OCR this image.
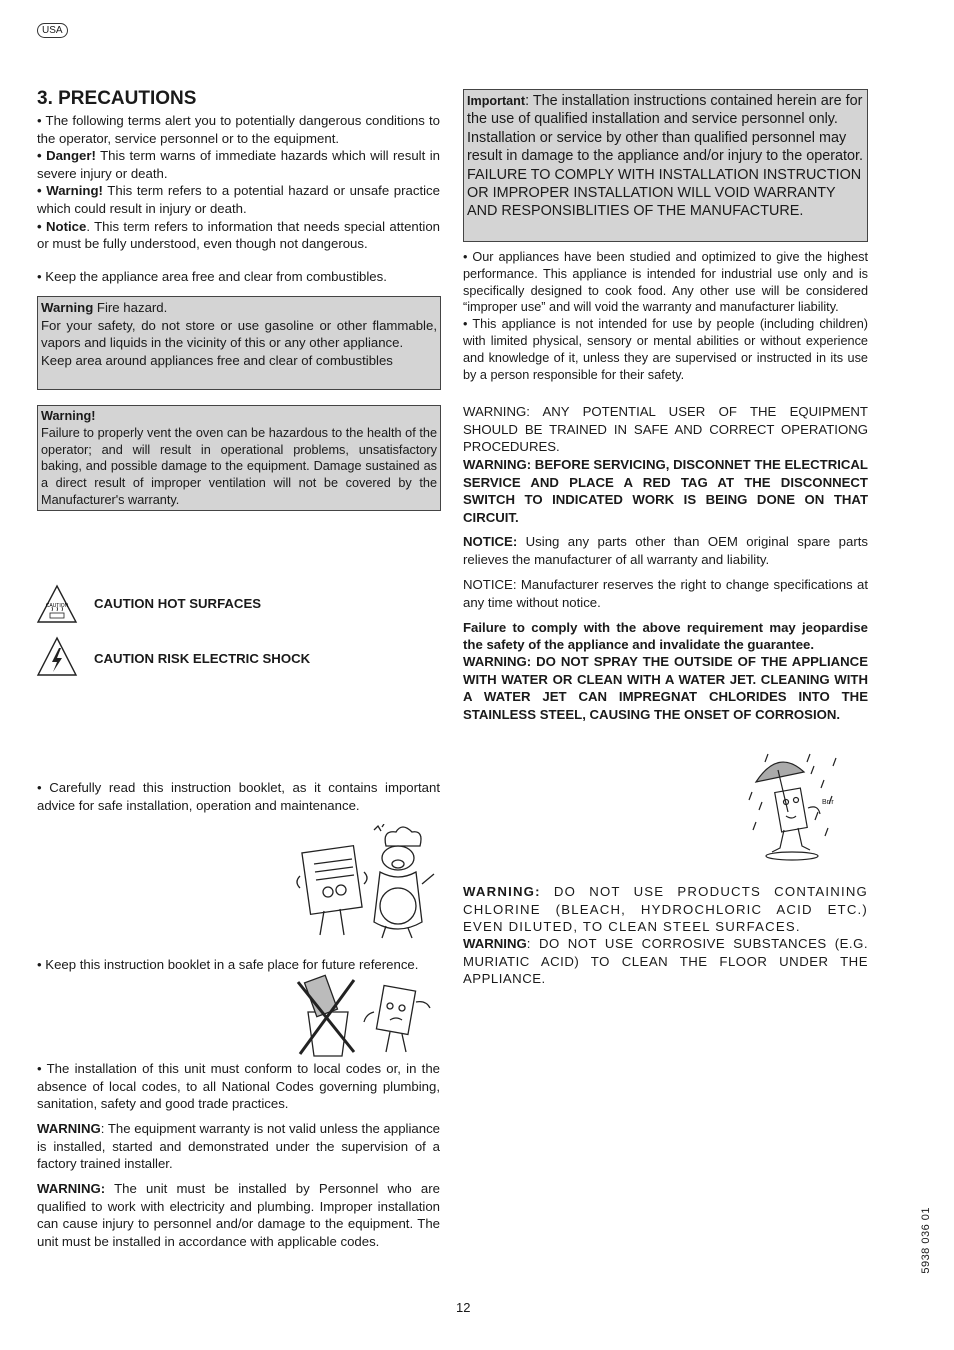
USA
3. PRECAUTIONS

• The following terms alert you to potentially dangerous conditions to the operator, service personnel or to the equipment.

• Danger! This term warns of immediate hazards which will result in severe injury or death.

• Warning! This term refers to a potential hazard or unsafe practice which could result in injury or death.

• Notice. This term refers to information that needs special attention or must be fully understood, even though not dangerous.

• Keep the appliance area free and clear from combustibles.

Warning Fire hazard.

For your safety, do not store or use gasoline or other flammable, vapors and liquids in the vicinity of this or any other appliance.

Keep area around appliances free and clear of combustibles

Warning!

Failure to properly vent the oven can be hazardous to the health of the operator; and will result in operational problems, unsatisfactory baking, and possible damage to the equipment. Damage sustained as a direct result of improper ventilation will not be covered by the Manufacturer's warranty.

CAUTION CAUTION HOT SURFACES
CAUTION RISK ELECTRIC SHOCK
• Carefully read this instruction booklet, as it contains important advice for safe installation, operation and maintenance.
• Keep this instruction booklet in a safe place for future reference.
• The installation of this unit must conform to local codes or, in the absence of local codes, to all National Codes governing plumbing, sanitation, safety and good trade practices.
WARNING: The equipment warranty is not valid unless the appliance is installed, started and demonstrated under the supervision of a factory trained installer.
WARNING: The unit must be installed by Personnel who are qualified to work with electricity and plumbing. Improper installation can cause injury to personnel and/or damage to the equipment. The unit must be installed in accordance with applicable codes.

Important: The installation instructions contained herein are for the use of qualified installation and service personnel only. Installation or service by other than qualified personnel may result in damage to the appliance and/or injury to the operator. FAILURE TO COMPLY WITH INSTALLATION INSTRUCTION OR IMPROPER INSTALLATION WILL VOID WARRANTY AND RESPONSIBLITIES OF THE MANUFACTURE.

• Our appliances have been studied and optimized to give the highest performance. This appliance is intended for industrial use only and is specifically designed to cook food. Any other use will be considered “improper use” and will void the warranty and manufacturer liability.

• This appliance is not intended for use by people (including children) with limited physical, sensory or mental abilities or without experience and knowledge of it, unless they are supervised or instructed in its use by a person responsible for their safety.

WARNING: ANY POTENTIAL USER OF THE EQUIPMENT SHOULD BE TRAINED IN SAFE AND CORRECT OPERATIONG PROCEDURES.
WARNING: BEFORE SERVICING, DISCONNET THE ELECTRICAL SERVICE AND PLACE A RED TAG AT THE DISCONNECT SWITCH TO INDICATED WORK IS BEING DONE ON THAT CIRCUIT.
NOTICE: Using any parts other than OEM original spare parts relieves the manufacturer of all warranty and liability.
NOTICE: Manufacturer reserves the right to change specifications at any time without notice.
Failure to comply with the above requirement may jeopardise the safety of the appliance and invalidate the guarantee.
WARNING: DO NOT SPRAY THE OUTSIDE OF THE APPLIANCE WITH WATER OR CLEAN WITH A WATER JET. CLEANING WITH A WATER JET CAN IMPREGNAT CHLORIDES INTO THE STAINLESS STEEL, CAUSING THE ONSET OF CORROSION.
Brrr
WARNING: DO NOT USE PRODUCTS CONTAINING CHLORINE (BLEACH, HYDROCHLORIC ACID ETC.) EVEN DILUTED, TO CLEAN STEEL SURFACES.
WARNING: DO NOT USE CORROSIVE SUBSTANCES (E.G. MURIATIC ACID) TO CLEAN THE FLOOR UNDER THE APPLIANCE.
5938 036 01
12
